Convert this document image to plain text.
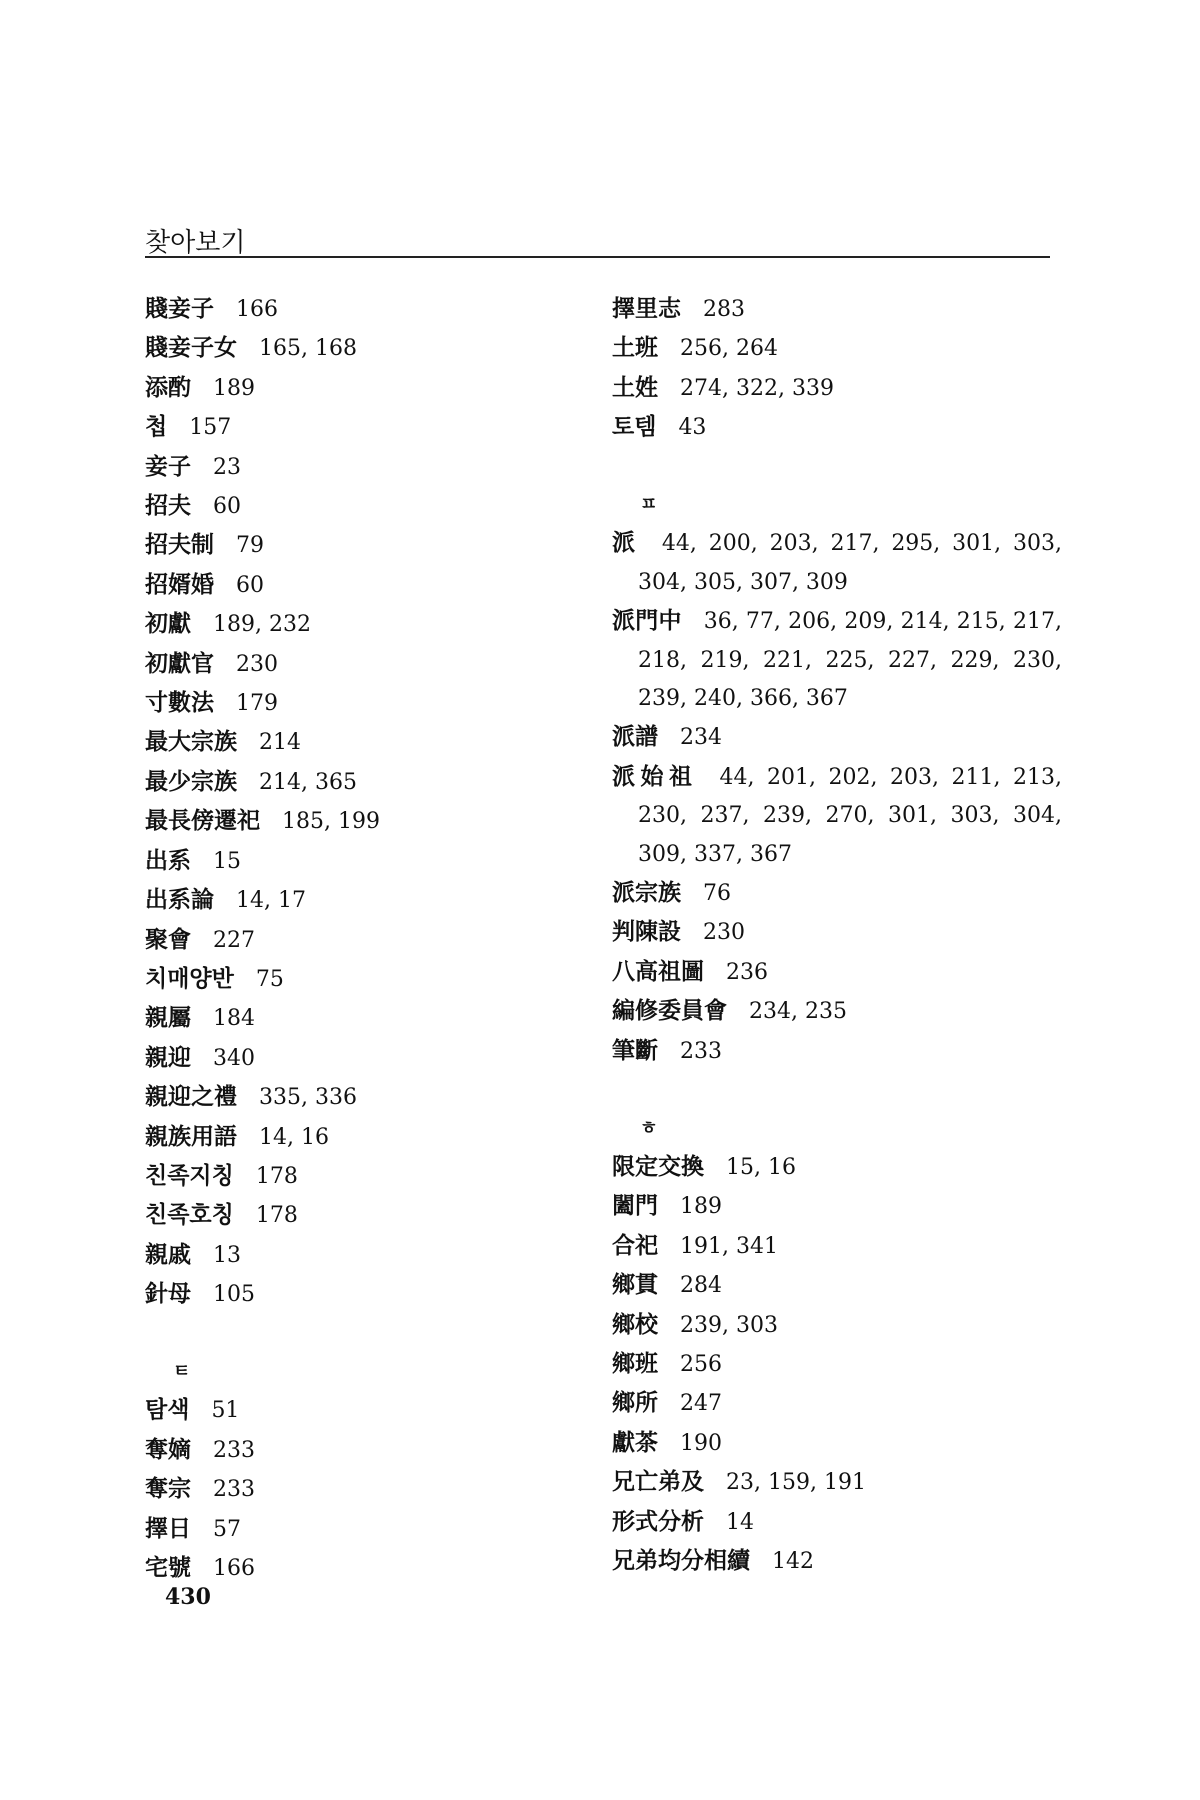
찾아보기
賤妾子 166
賤妾子女 165, 168
添酌 189
첩 157
妾子 23
招夫 60
招夫制 79
招婿婚 60
初獻 189, 232
初獻官 230
寸數法 179
最大宗族 214
最少宗族 214, 365
最長傍遷祀 185, 199
出系 15
出系論 14, 17
聚會 227
치매양반 75
親屬 184
親迎 340
親迎之禮 335, 336
親族用語 14, 16
친족지칭 178
친족호칭 178
親戚 13
針母 105
ㅌ
탐색 51
奪嫡 233
奪宗 233
擇日 57
宅號 166
擇里志 283
土班 256, 264
土姓 274, 322, 339
토템 43
ㅍ
派 44, 200, 203, 217, 295, 301, 303, 304, 305, 307, 309
派門中 36, 77, 206, 209, 214, 215, 217, 218, 219, 221, 225, 227, 229, 230, 239, 240, 366, 367
派譜 234
派始祖 44, 201, 202, 203, 211, 213, 230, 237, 239, 270, 301, 303, 304, 309, 337, 367
派宗族 76
判陳設 230
八高祖圖 236
編修委員會 234, 235
筆斷 233
ㅎ
限定交換 15, 16
闔門 189
合祀 191, 341
鄉貫 284
鄉校 239, 303
鄉班 256
鄉所 247
獻茶 190
兄亡弟及 23, 159, 191
形式分析 14
兄弟均分相續 142
430
